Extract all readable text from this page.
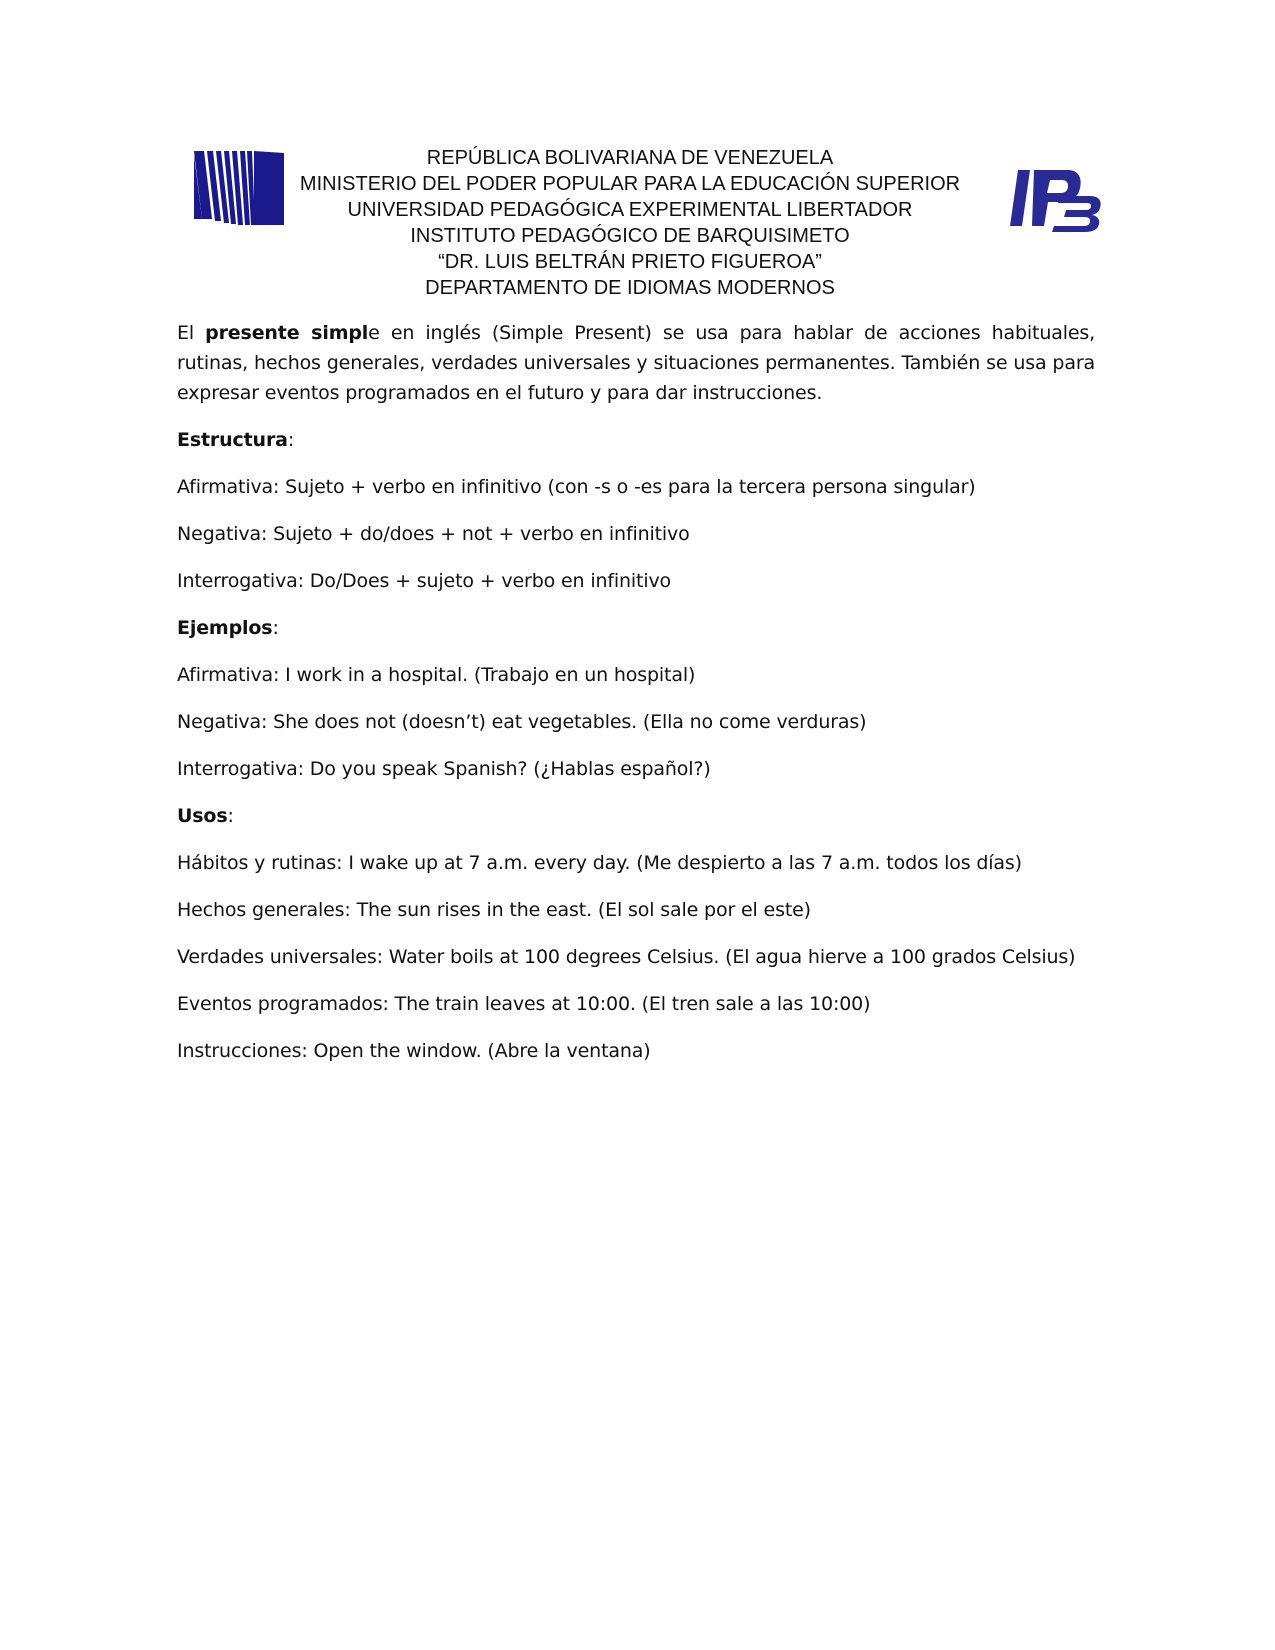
REPÚBLICA BOLIVARIANA DE VENEZUELA
MINISTERIO DEL PODER POPULAR PARA LA EDUCACIÓN SUPERIOR
UNIVERSIDAD PEDAGÓGICA EXPERIMENTAL LIBERTADOR
INSTITUTO PEDAGÓGICO DE BARQUISIMETO
“DR. LUIS BELTRÁN PRIETO FIGUEROA”
DEPARTAMENTO DE IDIOMAS MODERNOS

El presente simple en inglés (Simple Present) se usa para hablar de acciones habituales, rutinas, hechos generales, verdades universales y situaciones permanentes. También se usa para expresar eventos programados en el futuro y para dar instrucciones.

Estructura:

Afirmativa: Sujeto + verbo en infinitivo (con -s o -es para la tercera persona singular)

Negativa: Sujeto + do/does + not + verbo en infinitivo

Interrogativa: Do/Does + sujeto + verbo en infinitivo

Ejemplos:

Afirmativa: I work in a hospital. (Trabajo en un hospital)

Negativa: She does not (doesn’t) eat vegetables. (Ella no come verduras)

Interrogativa: Do you speak Spanish? (¿Hablas español?)

Usos:

Hábitos y rutinas: I wake up at 7 a.m. every day. (Me despierto a las 7 a.m. todos los días)

Hechos generales: The sun rises in the east. (El sol sale por el este)

Verdades universales: Water boils at 100 degrees Celsius. (El agua hierve a 100 grados Celsius)

Eventos programados: The train leaves at 10:00. (El tren sale a las 10:00)

Instrucciones: Open the window. (Abre la ventana)
